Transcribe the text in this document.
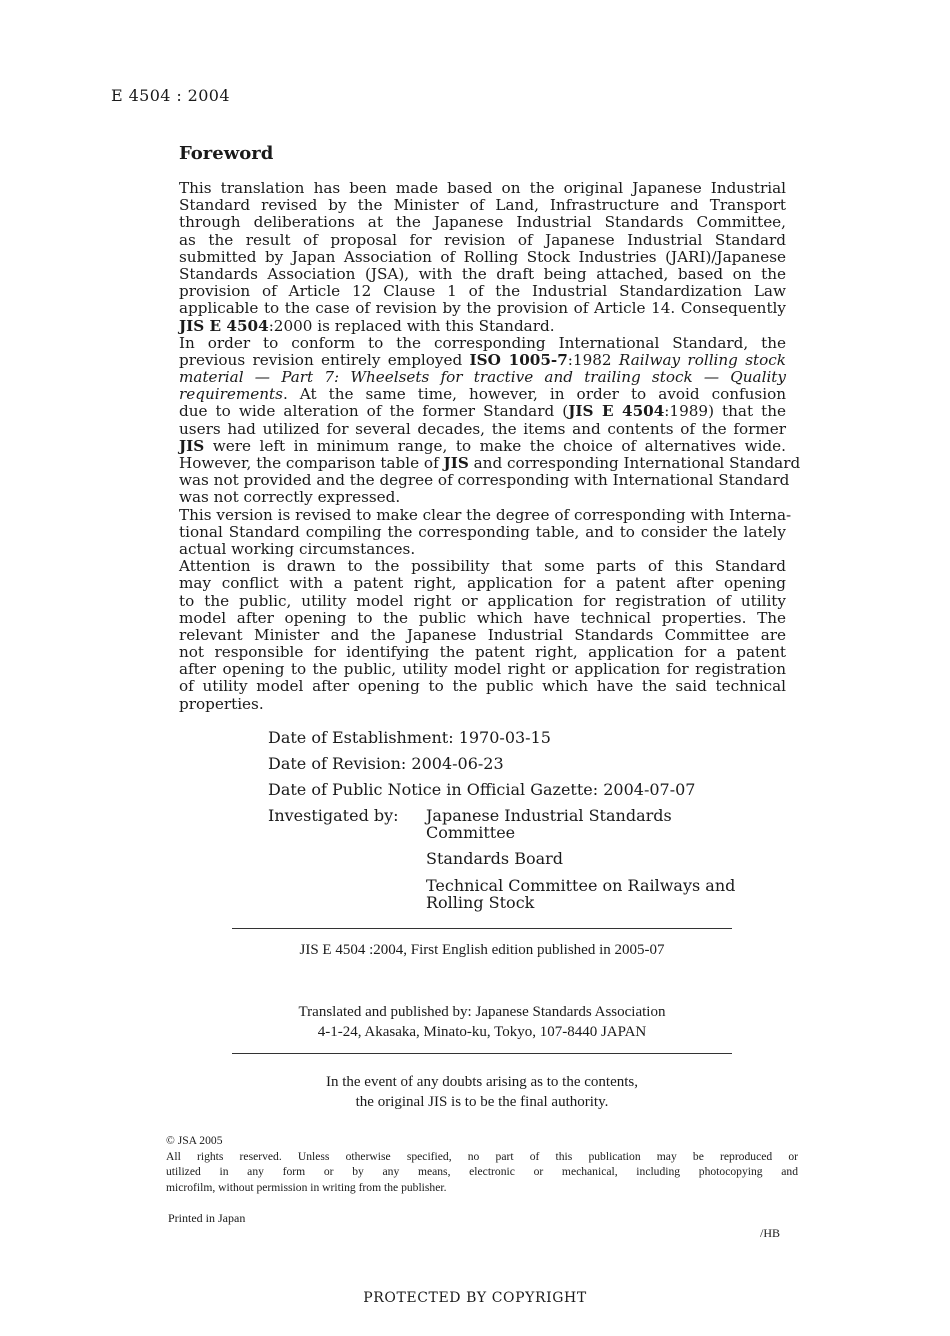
E 4504 : 2004
Foreword
This translation has been made based on the original Japanese Industrial
Standard revised by the Minister of Land, Infrastructure and Transport
through deliberations at the Japanese Industrial Standards Committee,
as the result of proposal for revision of Japanese Industrial Standard
submitted by Japan Association of Rolling Stock Industries (JARI)/Japanese
Standards Association (JSA), with the draft being attached, based on the
provision of Article 12 Clause 1 of the Industrial Standardization Law
applicable to the case of revision by the provision of Article 14. Consequently
JIS E 4504:2000 is replaced with this Standard.
In order to conform to the corresponding International Standard, the
previous revision entirely employed ISO 1005-7:1982 Railway rolling stock
material — Part 7: Wheelsets for tractive and trailing stock — Quality
requirements. At the same time, however, in order to avoid confusion
due to wide alteration of the former Standard (JIS E 4504:1989) that the
users had utilized for several decades, the items and contents of the former
JIS were left in minimum range, to make the choice of alternatives wide.
However, the comparison table of JIS and corresponding International Standard
was not provided and the degree of corresponding with International Standard
was not correctly expressed.
This version is revised to make clear the degree of corresponding with Interna-
tional Standard compiling the corresponding table, and to consider the lately
actual working circumstances.
Attention is drawn to the possibility that some parts of this Standard
may conflict with a patent right, application for a patent after opening
to the public, utility model right or application for registration of utility
model after opening to the public which have technical properties. The
relevant Minister and the Japanese Industrial Standards Committee are
not responsible for identifying the patent right, application for a patent
after opening to the public, utility model right or application for registration
of utility model after opening to the public which have the said technical
properties.
Date of Establishment: 1970-03-15
Date of Revision: 2004-06-23
Date of Public Notice in Official Gazette: 2004-07-07
Investigated by: Japanese Industrial Standards
Committee
Standards Board
Technical Committee on Railways and
Rolling Stock
JIS E 4504 :2004, First English edition published in 2005-07
Translated and published by: Japanese Standards Association
4-1-24, Akasaka, Minato-ku, Tokyo, 107-8440 JAPAN
In the event of any doubts arising as to the contents,
the original JIS is to be the final authority.
© JSA 2005
All rights reserved. Unless otherwise specified, no part of this publication may be reproduced or
utilized in any form or by any means, electronic or mechanical, including photocopying and
microfilm, without permission in writing from the publisher.
Printed in Japan
/HB
PROTECTED BY COPYRIGHT
